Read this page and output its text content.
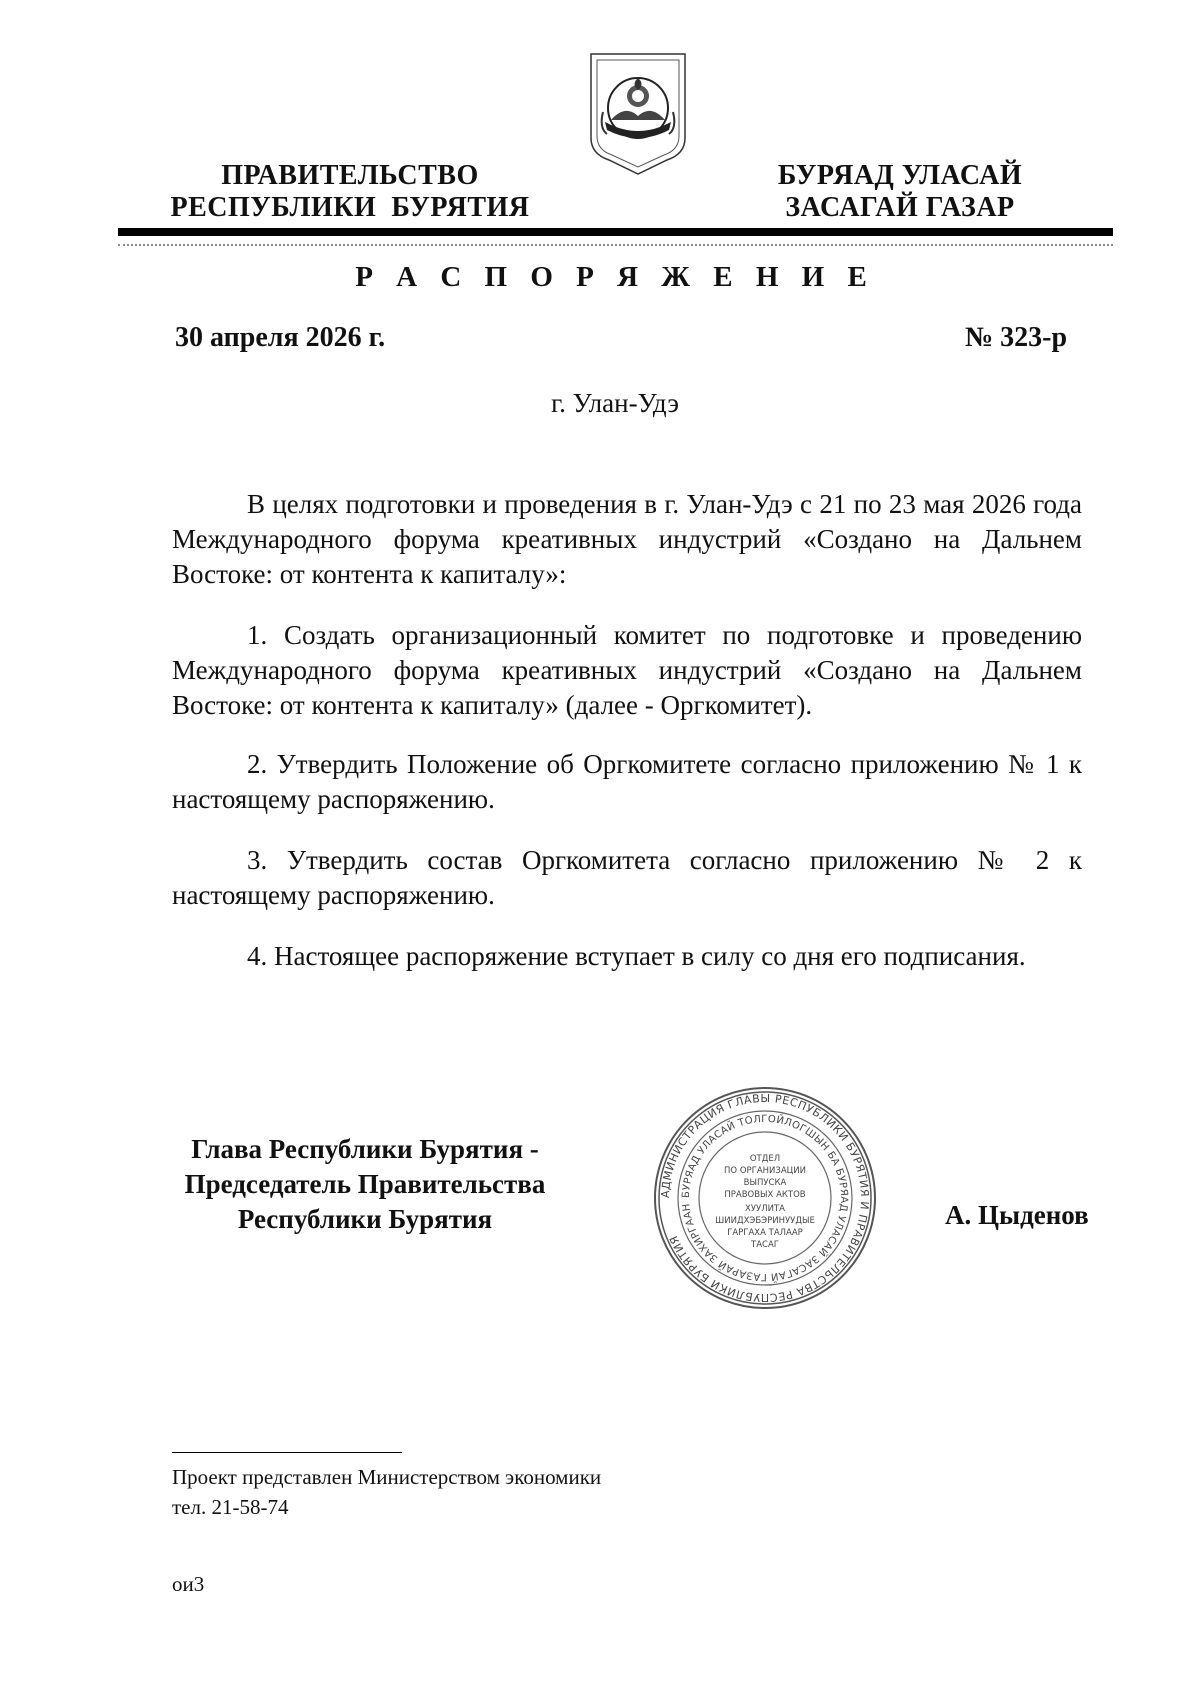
ПРАВИТЕЛЬСТВО
РЕСПУБЛИКИ  БУРЯТИЯ
БУРЯАД УЛАСАЙ
ЗАСАГАЙ ГАЗАР
Р А С П О Р Я Ж Е Н И Е
30 апреля 2026 г.	№ 323-р
г. Улан-Удэ

В целях подготовки и проведения в г. Улан-Удэ с 21 по 23 мая 2026 года Международного форума креативных индустрий «Создано на Дальнем Востоке: от контента к капиталу»:

1. Создать организационный комитет по подготовке и проведению Международного форума креативных индустрий «Создано на Дальнем Востоке: от контента к капиталу» (далее - Оргкомитет).

2. Утвердить Положение об Оргкомитете согласно приложению № 1 к настоящему распоряжению.

3. Утвердить состав Оргкомитета согласно приложению № 2 к настоящему распоряжению.

4. Настоящее распоряжение вступает в силу со дня его подписания.

Глава Республики Бурятия -
Председатель Правительства
Республики Бурятия
АДМИНИСТРАЦИЯ ГЛАВЫ РЕСПУБЛИКИ БУРЯТИЯ И ПРАВИТЕЛЬСТВА РЕСПУБЛИКИ БУРЯТИЯ
БУРЯАД УЛАСАЙ ТОЛГОЙЛОГШЫН БА БУРЯАД УЛАСАЙ ЗАСАГАЙ ГАЗАРАЙ ЗАХИРГААН
ОТДЕЛ
ПО ОРГАНИЗАЦИИ
ВЫПУСКА
ПРАВОВЫХ АКТОВ
ХУУЛИТА
ШИИДХЭБЭРИНУУДЫЕ
ГАРГАХА ТАЛААР
ТАСАГ
А. Цыденов
Проект представлен Министерством экономики
тел. 21-58-74
ои3
